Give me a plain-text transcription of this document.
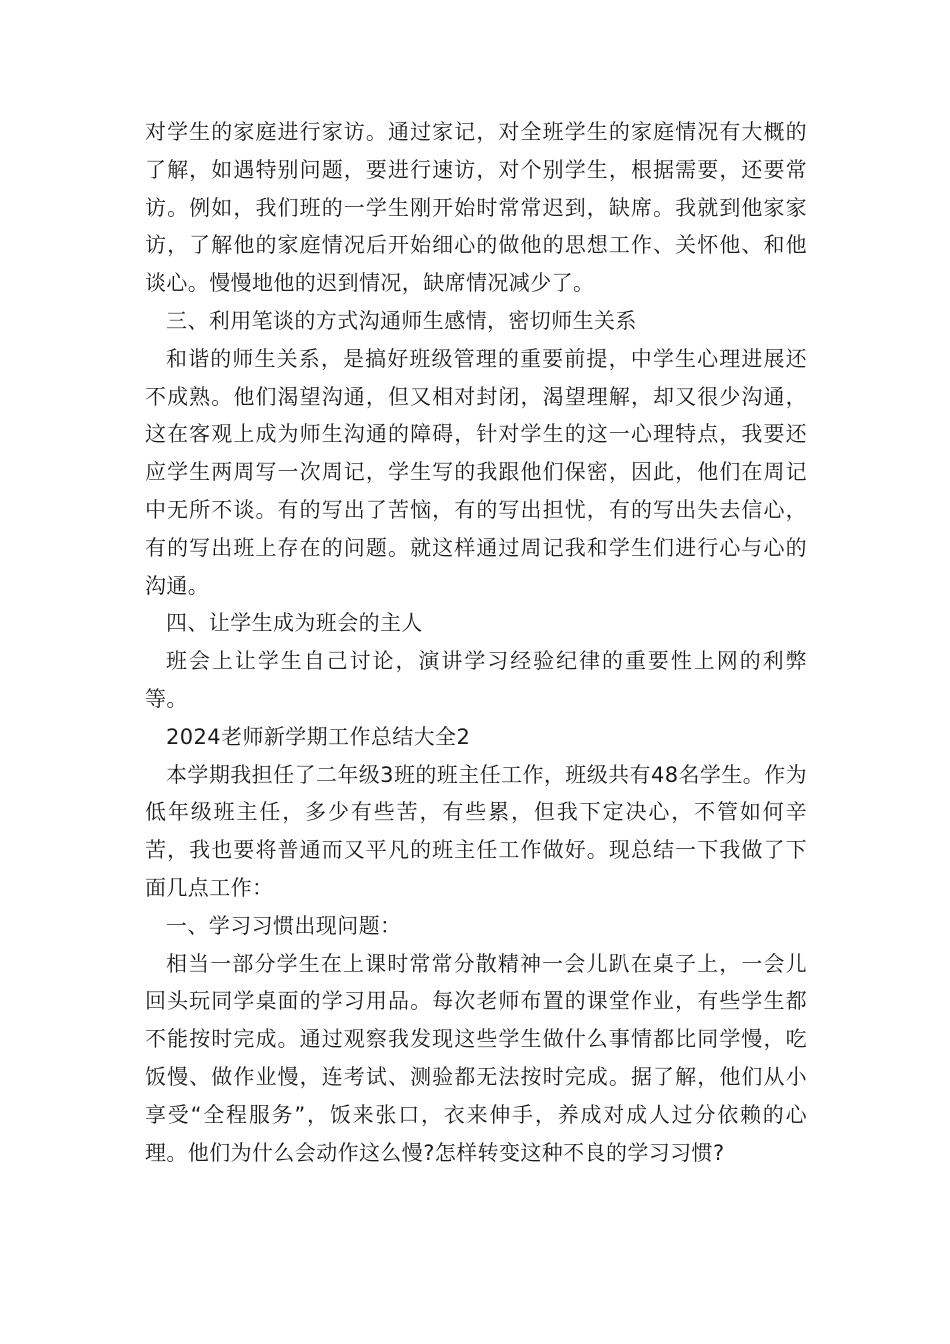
对学生的家庭进行家访。通过家记，对全班学生的家庭情况有大概的了解，如遇特别问题，要进行速访，对个别学生，根据需要，还要常访。例如，我们班的一学生刚开始时常常迟到，缺席。我就到他家家访，了解他的家庭情况后开始细心的做他的思想工作、关怀他、和他谈心。慢慢地他的迟到情况，缺席情况减少了。

三、利用笔谈的方式沟通师生感情，密切师生关系

和谐的师生关系，是搞好班级管理的重要前提，中学生心理进展还不成熟。他们渴望沟通，但又相对封闭，渴望理解，却又很少沟通，这在客观上成为师生沟通的障碍，针对学生的这一心理特点，我要还应学生两周写一次周记，学生写的我跟他们保密，因此，他们在周记中无所不谈。有的写出了苦恼，有的写出担忧，有的写出失去信心，有的写出班上存在的问题。就这样通过周记我和学生们进行心与心的沟通。

四、让学生成为班会的主人

班会上让学生自己讨论，演讲学习经验纪律的重要性上网的利弊等。

2024老师新学期工作总结大全2

本学期我担任了二年级3班的班主任工作，班级共有48名学生。作为低年级班主任，多少有些苦，有些累，但我下定决心，不管如何辛苦，我也要将普通而又平凡的班主任工作做好。现总结一下我做了下面几点工作：

一、学习习惯出现问题：

相当一部分学生在上课时常常分散精神一会儿趴在桌子上，一会儿回头玩同学桌面的学习用品。每次老师布置的课堂作业，有些学生都不能按时完成。通过观察我发现这些学生做什么事情都比同学慢，吃饭慢、做作业慢，连考试、测验都无法按时完成。据了解，他们从小享受“全程服务”，饭来张口，衣来伸手，养成对成人过分依赖的心理。他们为什么会动作这么慢?怎样转变这种不良的学习习惯?
